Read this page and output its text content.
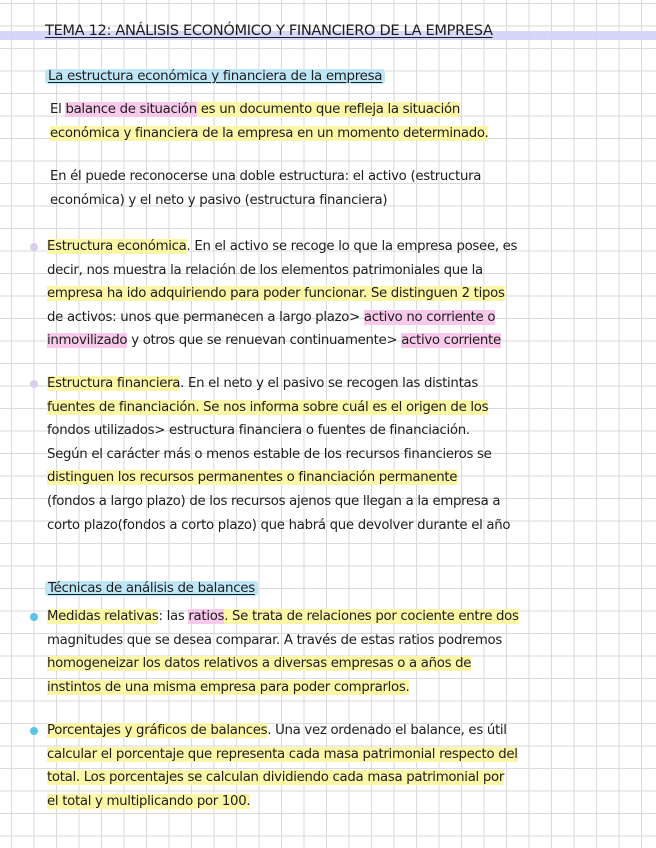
TEMA 12: ANÁLISIS ECONÓMICO Y FINANCIERO DE LA EMPRESA
La estructura económica y financiera de la empresa
El balance de situación es un documento que refleja la situación
económica y financiera de la empresa en un momento determinado.
En él puede reconocerse una doble estructura: el activo (estructura
económica) y el neto y pasivo (estructura financiera)
Estructura económica. En el activo se recoge lo que la empresa posee, es
decir, nos muestra la relación de los elementos patrimoniales que la
empresa ha ido adquiriendo para poder funcionar. Se distinguen 2 tipos
de activos: unos que permanecen a largo plazo> activo no corriente o
inmovilizado y otros que se renuevan continuamente> activo corriente
Estructura financiera. En el neto y el pasivo se recogen las distintas
fuentes de financiación. Se nos informa sobre cuál es el origen de los
fondos utilizados> estructura financiera o fuentes de financiación.
Según el carácter más o menos estable de los recursos financieros se
distinguen los recursos permanentes o financiación permanente
(fondos a largo plazo) de los recursos ajenos que llegan a la empresa a
corto plazo(fondos a corto plazo) que habrá que devolver durante el año
Técnicas de análisis de balances
Medidas relativas: las ratios. Se trata de relaciones por cociente entre dos
magnitudes que se desea comparar. A través de estas ratios podremos
homogeneizar los datos relativos a diversas empresas o a años de
instintos de una misma empresa para poder comprarlos.
Porcentajes y gráficos de balances. Una vez ordenado el balance, es útil
calcular el porcentaje que representa cada masa patrimonial respecto del
total. Los porcentajes se calculan dividiendo cada masa patrimonial por
el total y multiplicando por 100.
